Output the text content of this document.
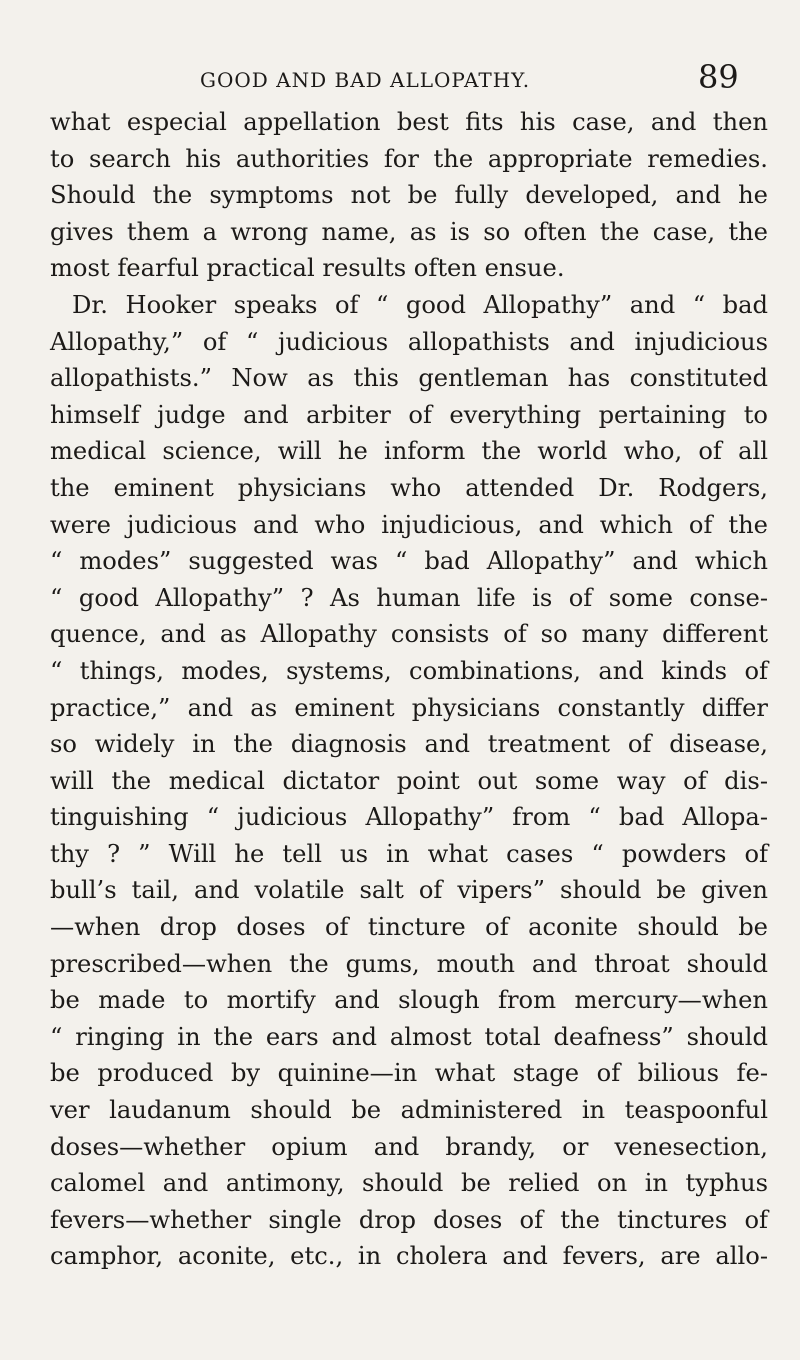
GOOD AND BAD ALLOPATHY.	89
what especial appellation best fits his case, and then
to search his authorities for the appropriate remedies.
Should the symptoms not be fully developed, and he
gives them a wrong name, as is so often the case, the
most fearful practical results often ensue.
Dr. Hooker speaks of “ good Allopathy” and “ bad
Allopathy,” of “ judicious allopathists and injudicious
allopathists.” Now as this gentleman has constituted
himself judge and arbiter of everything pertaining to
medical science, will he inform the world who, of all
the eminent physicians who attended Dr. Rodgers,
were judicious and who injudicious, and which of the
“ modes” suggested was “ bad Allopathy” and which
“ good Allopathy” ? As human life is of some conse-
quence, and as Allopathy consists of so many different
“ things, modes, systems, combinations, and kinds of
practice,” and as eminent physicians constantly differ
so widely in the diagnosis and treatment of disease,
will the medical dictator point out some way of dis-
tinguishing “ judicious Allopathy” from “ bad Allopa-
thy ? ” Will he tell us in what cases “ powders of
bull’s tail, and volatile salt of vipers” should be given
—when drop doses of tincture of aconite should be
prescribed—when the gums, mouth and throat should
be made to mortify and slough from mercury—when
“ ringing in the ears and almost total deafness” should
be produced by quinine—in what stage of bilious fe-
ver laudanum should be administered in teaspoonful
doses—whether opium and brandy, or venesection,
calomel and antimony, should be relied on in typhus
fevers—whether single drop doses of the tinctures of
camphor, aconite, etc., in cholera and fevers, are allo-
